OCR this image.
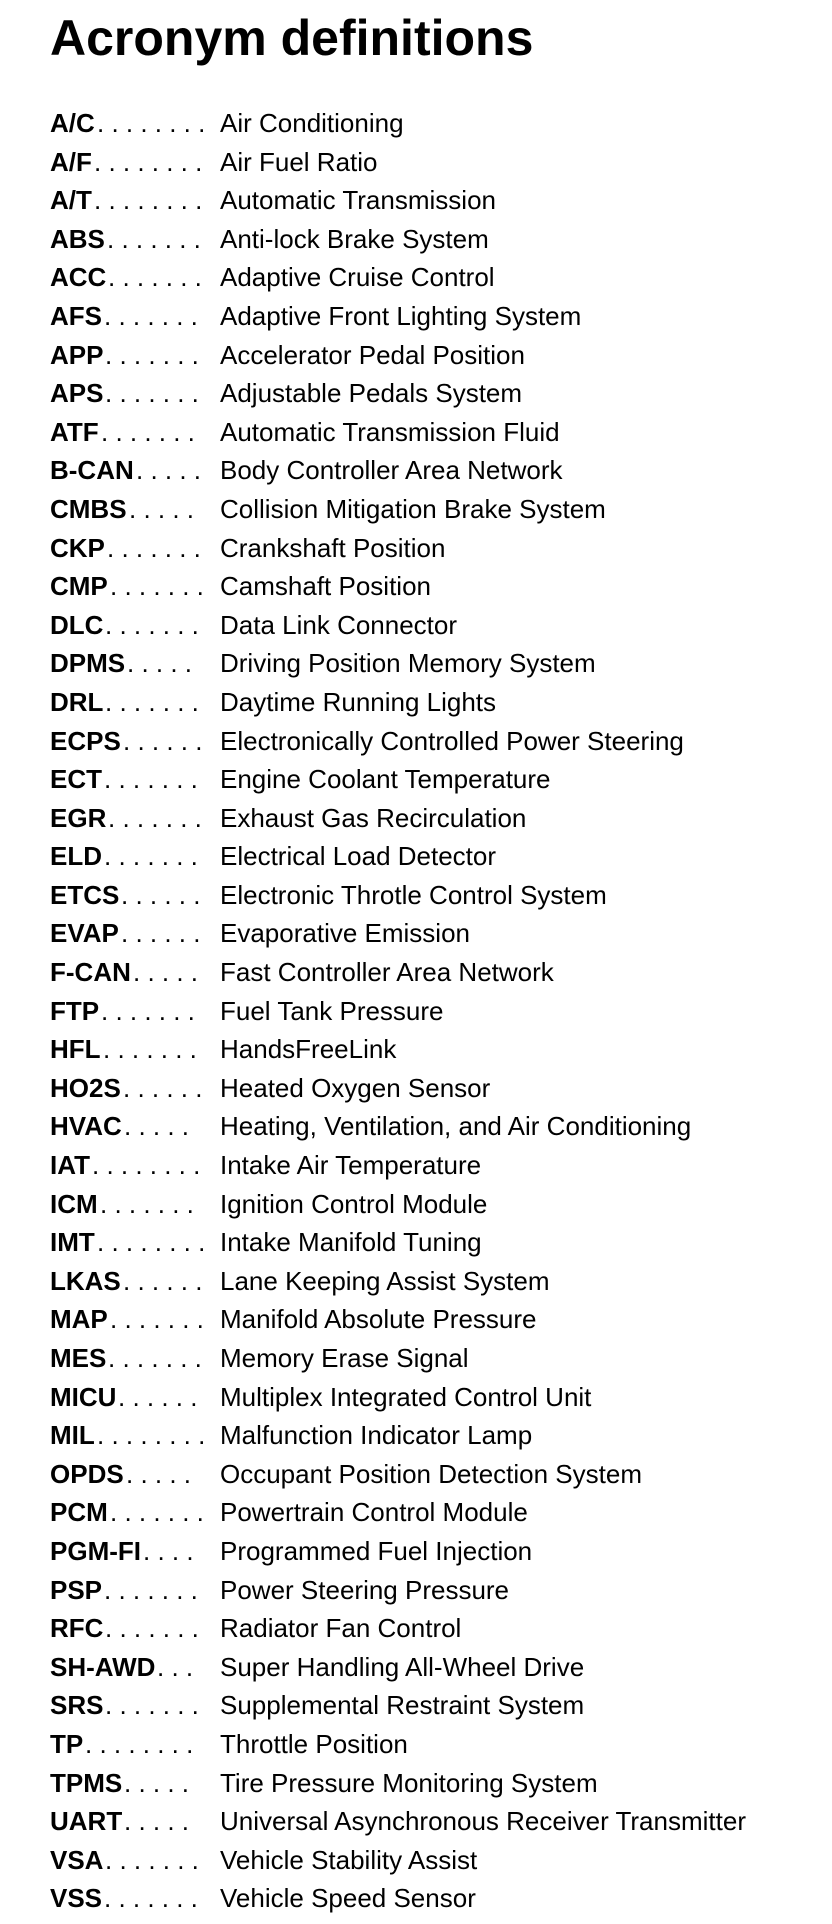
Acronym definitions
. . . . . . . .
A/C	Air Conditioning
. . . . . . . .
A/F	Air Fuel Ratio
. . . . . . . .
A/T	Automatic Transmission
. . . . . . .
ABS	Anti-lock Brake System
. . . . . . .
ACC	Adaptive Cruise Control
. . . . . . .
AFS	Adaptive Front Lighting System
. . . . . . .
APP	Accelerator Pedal Position
. . . . . . .
APS	Adjustable Pedals System
. . . . . . .
ATF	Automatic Transmission Fluid
. . . . .
B-CAN	Body Controller Area Network
. . . . .
CMBS	Collision Mitigation Brake System
. . . . . . .
CKP	Crankshaft Position
. . . . . . .
CMP	Camshaft Position
. . . . . . .
DLC	Data Link Connector
. . . . .
DPMS	Driving Position Memory System
. . . . . . .
DRL	Daytime Running Lights
. . . . . .
ECPS	Electronically Controlled Power Steering
. . . . . . .
ECT	Engine Coolant Temperature
. . . . . . .
EGR	Exhaust Gas Recirculation
. . . . . . .
ELD	Electrical Load Detector
. . . . . .
ETCS	Electronic Throtle Control System
. . . . . .
EVAP	Evaporative Emission
. . . . .
F-CAN	Fast Controller Area Network
. . . . . . .
FTP	Fuel Tank Pressure
. . . . . . .
HFL	HandsFreeLink
. . . . . .
HO2S	Heated Oxygen Sensor
. . . . .
HVAC	Heating, Ventilation, and Air Conditioning
. . . . . . . .
IAT	Intake Air Temperature
. . . . . . .
ICM	Ignition Control Module
. . . . . . . .
IMT	Intake Manifold Tuning
. . . . . .
LKAS	Lane Keeping Assist System
. . . . . . .
MAP	Manifold Absolute Pressure
. . . . . . .
MES	Memory Erase Signal
. . . . . .
MICU	Multiplex Integrated Control Unit
. . . . . . . .
MIL	Malfunction Indicator Lamp
. . . . .
OPDS	Occupant Position Detection System
. . . . . . .
PCM	Powertrain Control Module
. . . .
PGM-FI	Programmed Fuel Injection
. . . . . . .
PSP	Power Steering Pressure
. . . . . . .
RFC	Radiator Fan Control
. . .
SH-AWD Super Handling All-Wheel Drive
. . . . . . .
SRS	Supplemental Restraint System
. . . . . . . .
TP	Throttle Position
. . . . .
TPMS	Tire Pressure Monitoring System
. . . . .
UART	Universal Asynchronous Receiver Transmitter
. . . . . . .
VSA	Vehicle Stability Assist
. . . . . . .
VSS	Vehicle Speed Sensor
